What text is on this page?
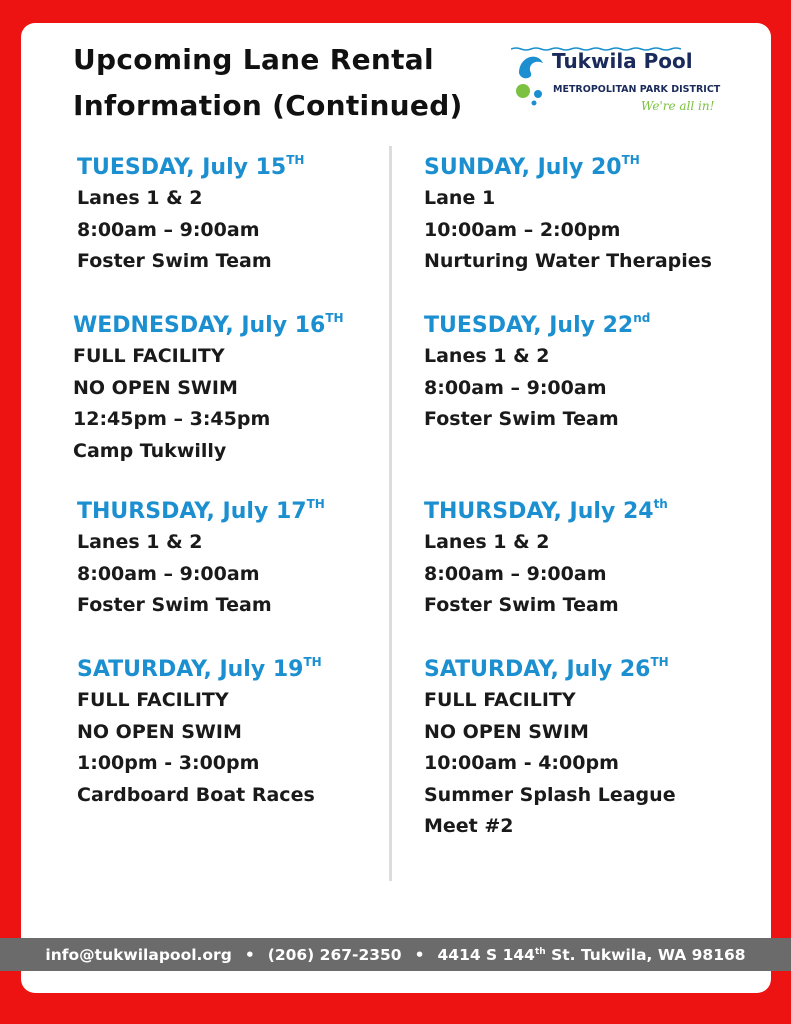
Upcoming Lane Rental
Information (Continued)
Tukwila Pool
METROPOLITAN PARK DISTRICT
We're all in!
TUESDAY, July 15TH

Lanes 1 & 2

8:00am – 9:00am

Foster Swim Team

WEDNESDAY, July 16TH

FULL FACILITY

NO OPEN SWIM

12:45pm – 3:45pm

Camp Tukwilly

THURSDAY, July 17TH

Lanes 1 & 2

8:00am – 9:00am

Foster Swim Team

SATURDAY, July 19TH

FULL FACILITY

NO OPEN SWIM

1:00pm - 3:00pm

Cardboard Boat Races

SUNDAY, July 20TH

Lane 1

10:00am – 2:00pm

Nurturing Water Therapies

TUESDAY, July 22nd

Lanes 1 & 2

8:00am – 9:00am

Foster Swim Team

THURSDAY, July 24th

Lanes 1 & 2

8:00am – 9:00am

Foster Swim Team

SATURDAY, July 26TH

FULL FACILITY

NO OPEN SWIM

10:00am - 4:00pm

Summer Splash League

Meet #2

info@tukwilapool.org • (206) 267-2350 • 4414 S 144th St. Tukwila, WA 98168
